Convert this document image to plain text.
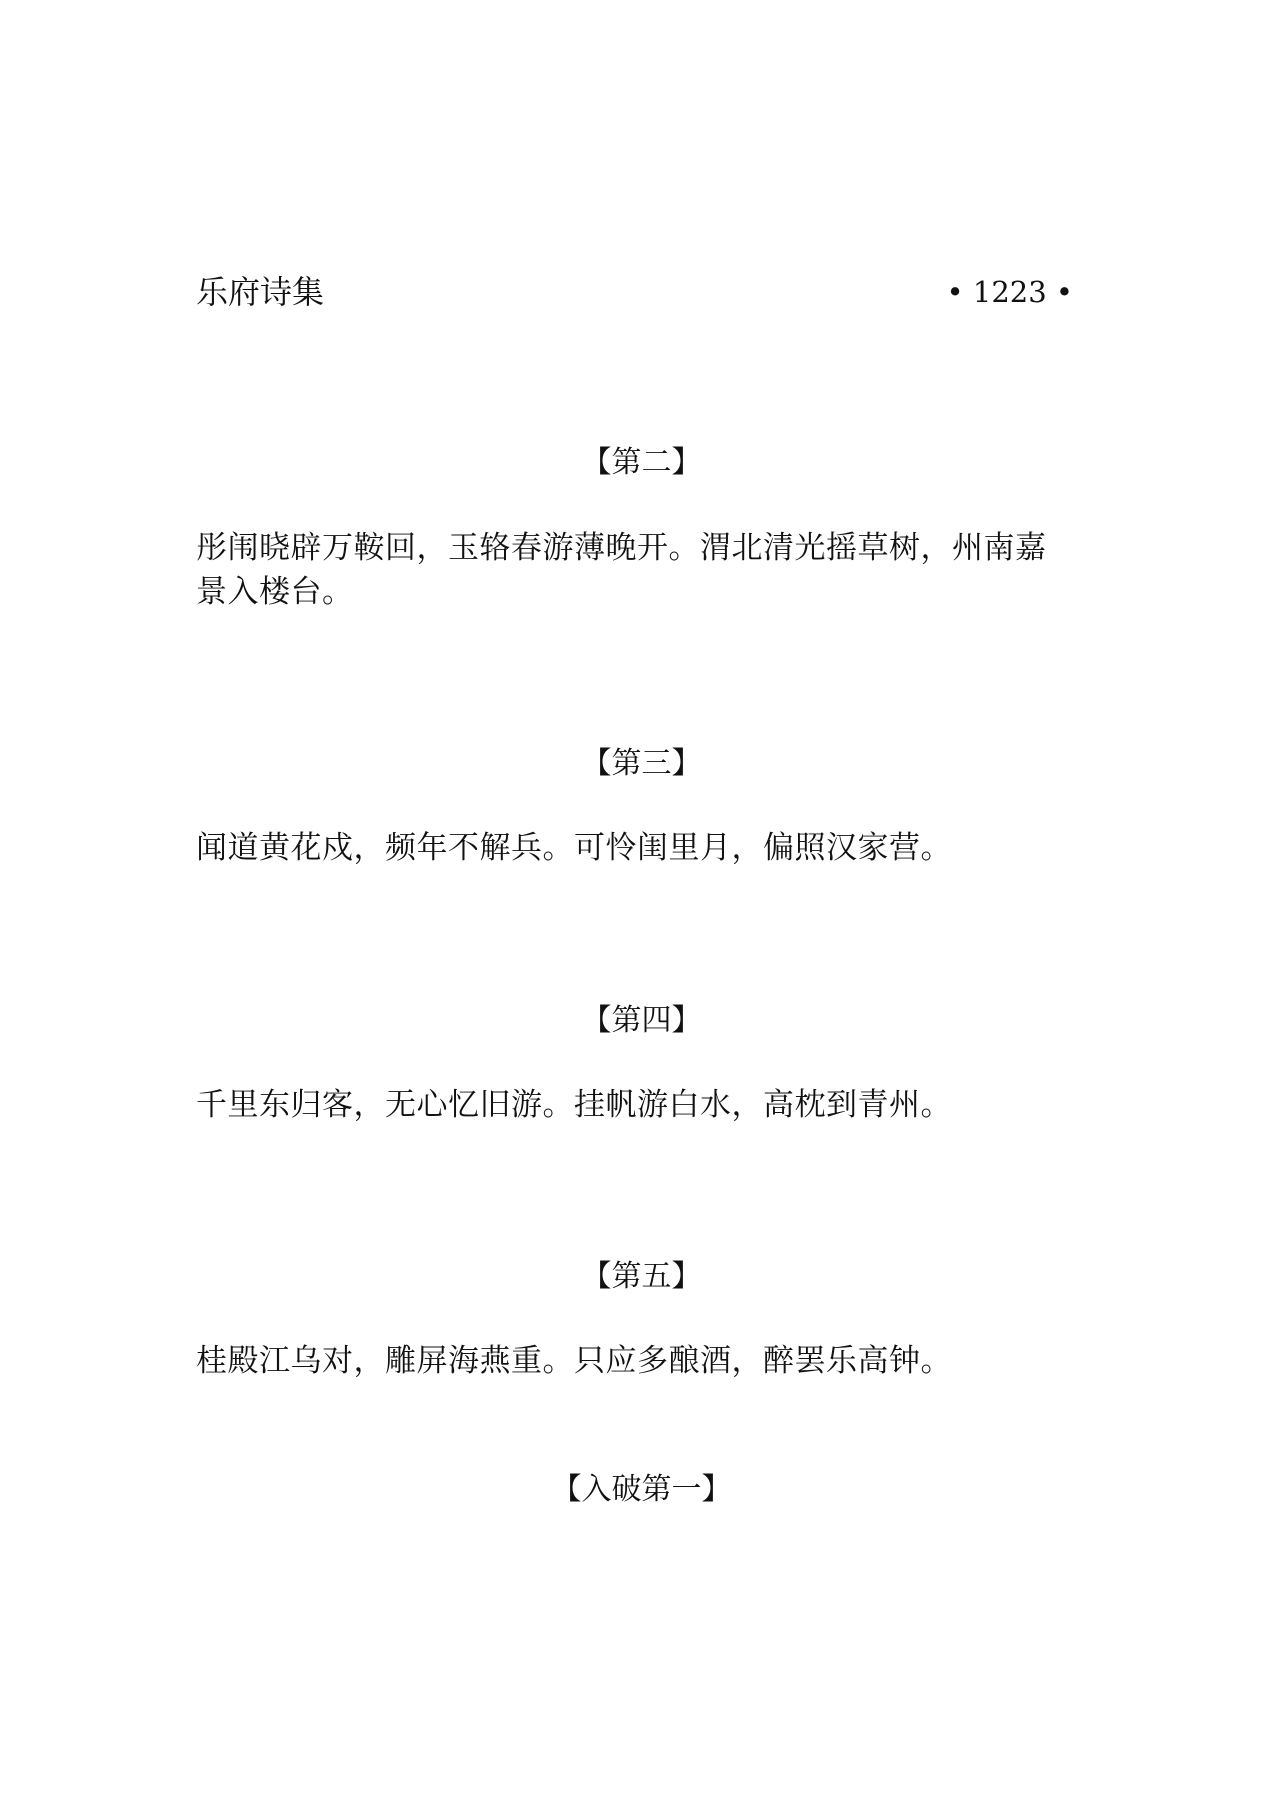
乐府诗集	• 1223 •
【第二】
彤闱晓辟万鞍回，玉辂春游薄晚开。渭北清光摇草树，州南嘉
景入楼台。
【第三】
闻道黄花戍，频年不解兵。可怜闺里月，偏照汉家营。
【第四】
千里东归客，无心忆旧游。挂帆游白水，高枕到青州。
【第五】
桂殿江乌对，雕屏海燕重。只应多酿酒，醉罢乐高钟。
【入破第一】
